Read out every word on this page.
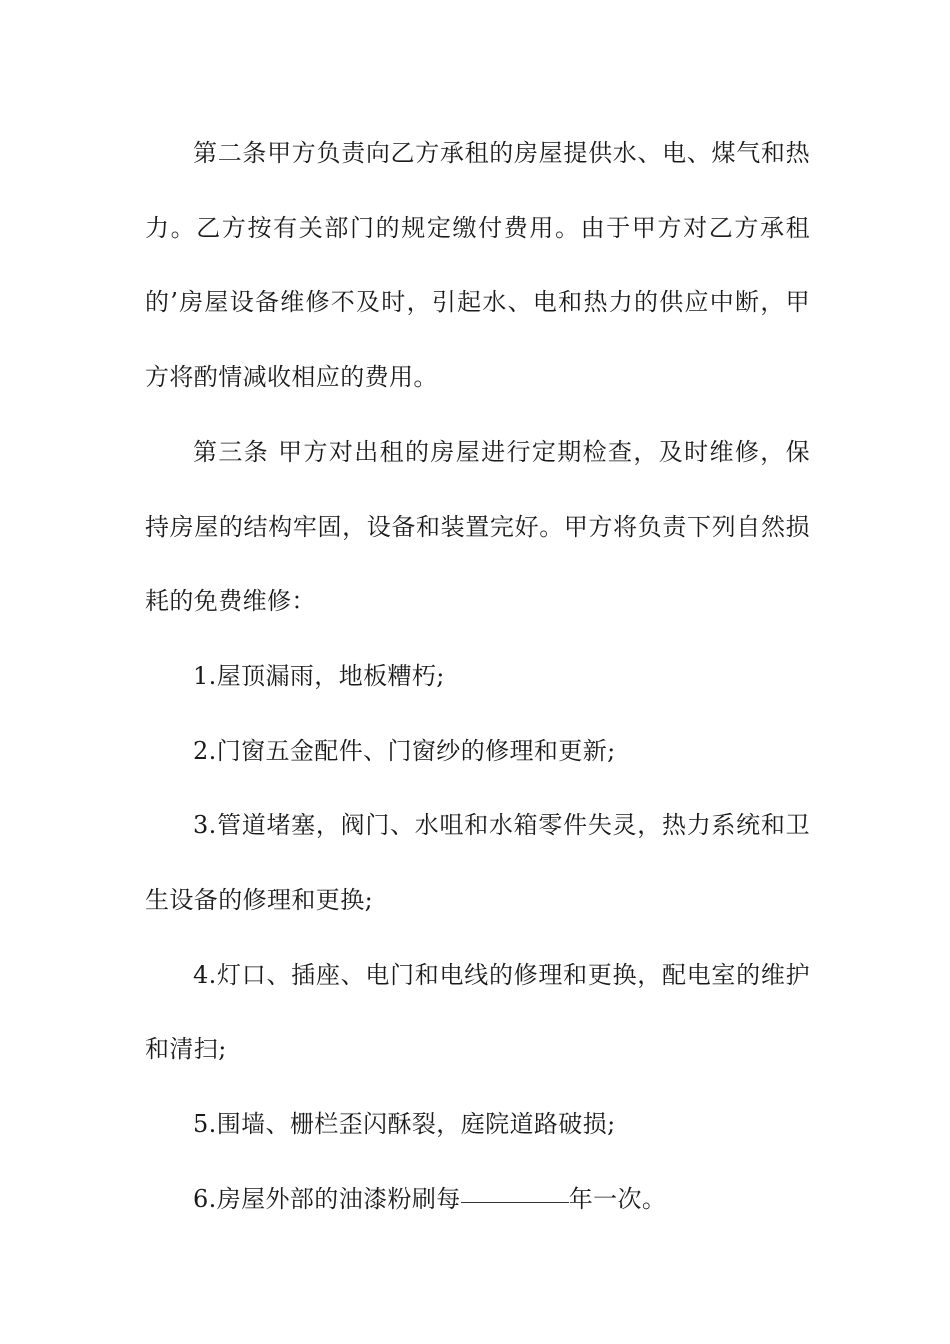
第二条甲方负责向乙方承租的房屋提供水、电、煤气和热力。乙方按有关部门的规定缴付费用。由于甲方对乙方承租的’房屋设备维修不及时，引起水、电和热力的供应中断，甲方将酌情减收相应的费用。

第三条 甲方对出租的房屋进行定期检查，及时维修，保持房屋的结构牢固，设备和装置完好。甲方将负责下列自然损耗的免费维修：

1.屋顶漏雨，地板糟朽;

2.门窗五金配件、门窗纱的修理和更新;

3.管道堵塞，阀门、水咀和水箱零件失灵，热力系统和卫生设备的修理和更换;

4.灯口、插座、电门和电线的修理和更换，配电室的维护和清扫;

5.围墙、栅栏歪闪酥裂，庭院道路破损;

6.房屋外部的油漆粉刷每	年一次。
